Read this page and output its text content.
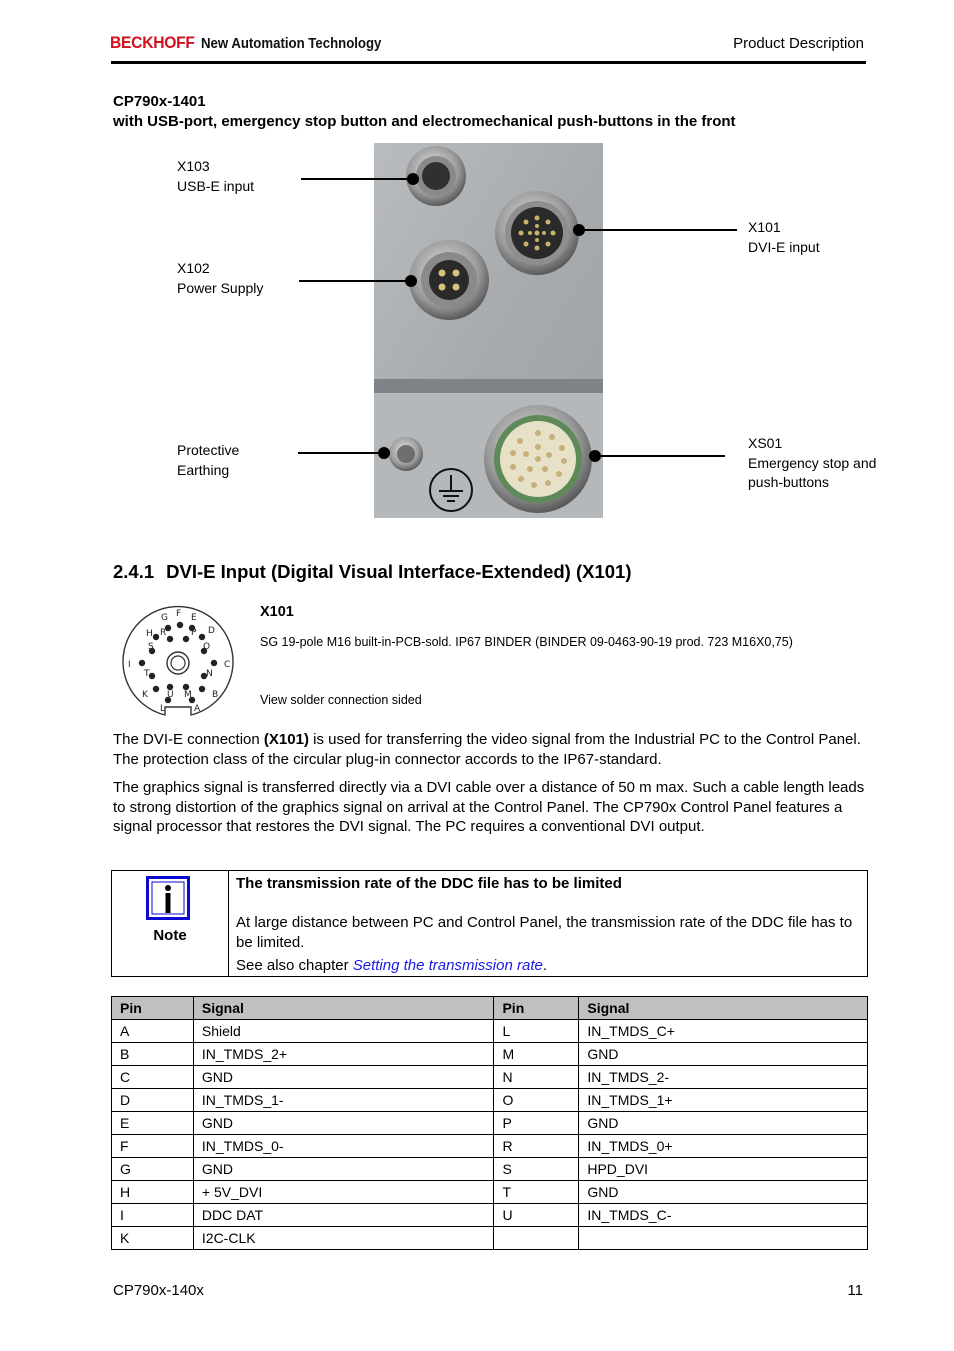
BECKHOFF New Automation Technology	Product Description
CP790x-1401
with USB-port, emergency stop button and electromechanical push-buttons in the front
X103
USB-E input
X102
Power Supply
Protective
Earthing
X101
DVI-E input
XS01
Emergency stop and
push-buttons
2.4.1 DVI-E Input (Digital Visual Interface-Extended) (X101)
G F E
H R	P D
S	O
I	C
T	N
K U M B
L	A
X101
SG 19-pole M16 built-in-PCB-sold. IP67 BINDER (BINDER 09-0463-90-19 prod. 723 M16X0,75)
View solder connection sided

The DVI-E connection (X101) is used for transferring the video signal from the Industrial PC to the Control Panel. The protection class of the circular plug-in connector accords to the IP67-standard.

The graphics signal is transferred directly via a DVI cable over a distance of 50 m max. Such a cable length leads to strong distortion of the graphics signal on arrival at the Control Panel. The CP790x Control Panel features a signal processor that restores the DVI signal. The PC requires a conventional DVI output.

Note

The transmission rate of the DDC file has to be limited

At large distance between PC and Control Panel, the transmission rate of the DDC file has to be limited.

See also chapter Setting the transmission rate.

Pin	Signal	Pin	Signal
A	Shield	L	IN_TMDS_C+
B	IN_TMDS_2+	M	GND
C	GND	N	IN_TMDS_2-
D	IN_TMDS_1-	O	IN_TMDS_1+
E	GND	P	GND
F	IN_TMDS_0-	R	IN_TMDS_0+
G	GND	S	HPD_DVI
H	+ 5V_DVI	T	GND
I	DDC DAT	U	IN_TMDS_C-
K	I2C-CLK		
CP790x-140x	11
